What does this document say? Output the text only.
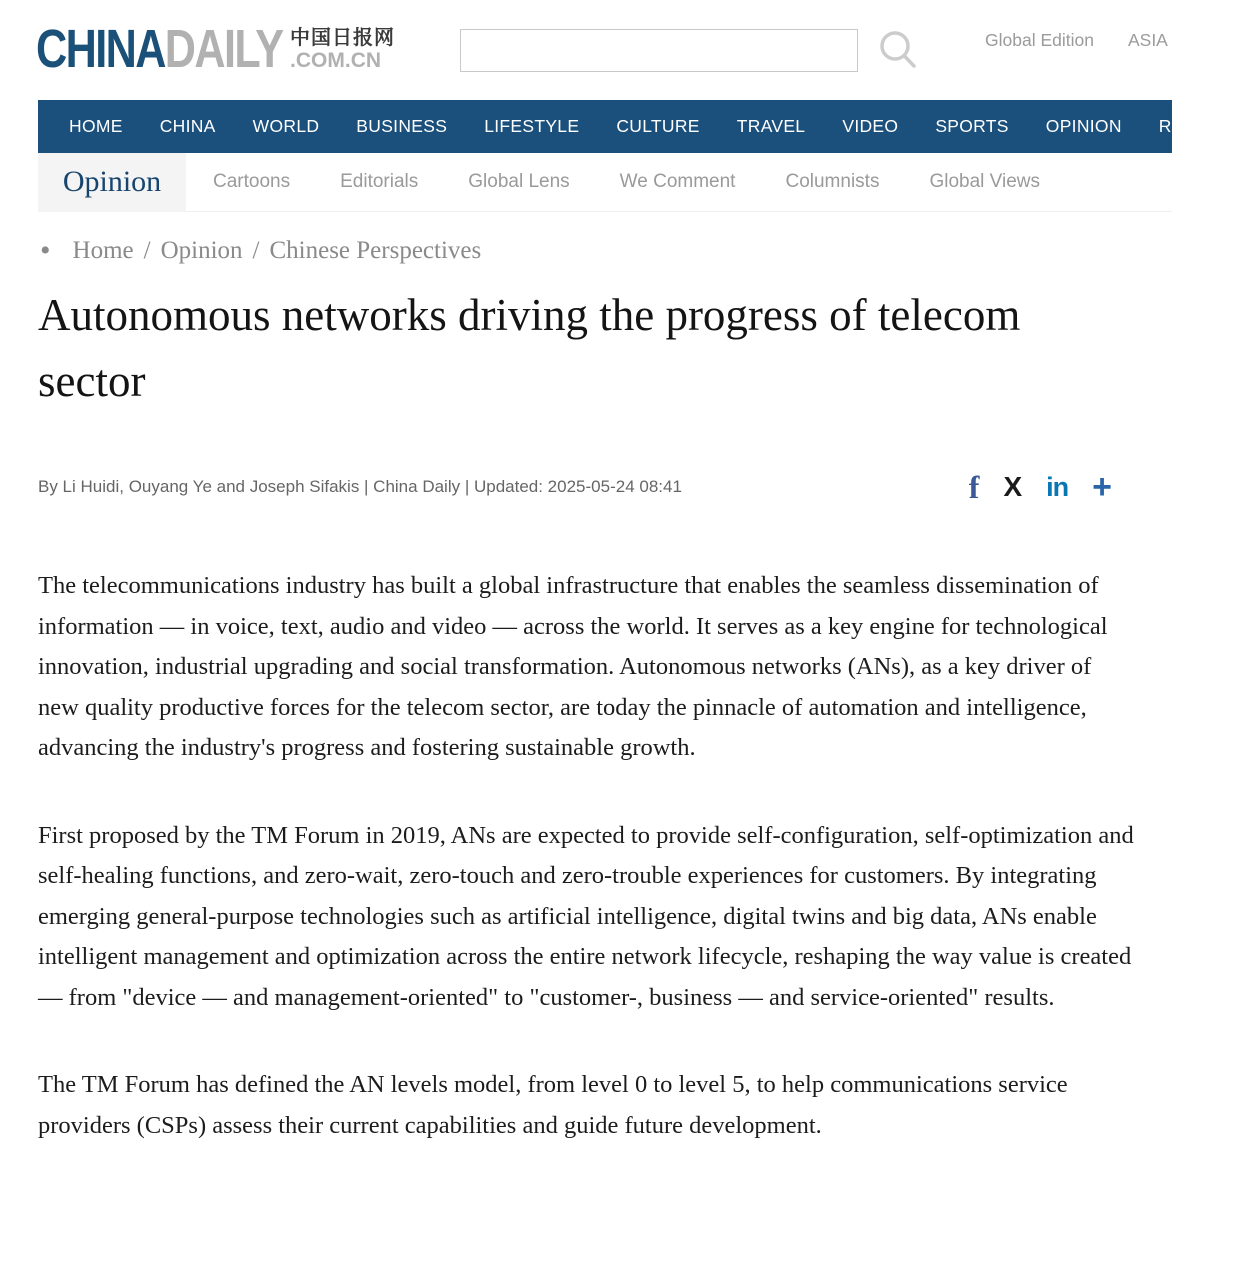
CHINADAILY 中国日报网
.COM.CN
Global Edition ASIA
HOME CHINA WORLD BUSINESS LIFESTYLE CULTURE TRAVEL VIDEO SPORTS OPINION REGIONAL
Opinion	Cartoons	Editorials	Global Lens	We Comment	Columnists	Global Views
• Home / Opinion / Chinese Perspectives
Autonomous networks driving the progress of telecom sector
By Li Huidi, Ouyang Ye and Joseph Sifakis | China Daily | Updated: 2025-05-24 08:41	f X in +

The telecommunications industry has built a global infrastructure that enables the seamless dissemination of information — in voice, text, audio and video — across the world. It serves as a key engine for technological innovation, industrial upgrading and social transformation. Autonomous networks (ANs), as a key driver of new quality productive forces for the telecom sector, are today the pinnacle of automation and intelligence, advancing the industry's progress and fostering sustainable growth.

First proposed by the TM Forum in 2019, ANs are expected to provide self-configuration, self-optimization and self-healing functions, and zero-wait, zero-touch and zero-trouble experiences for customers. By integrating emerging general-purpose technologies such as artificial intelligence, digital twins and big data, ANs enable intelligent management and optimization across the entire network lifecycle, reshaping the way value is created — from "device — and management-oriented" to "customer-, business — and service-oriented" results.

The TM Forum has defined the AN levels model, from level 0 to level 5, to help communications service providers (CSPs) assess their current capabilities and guide future development.
